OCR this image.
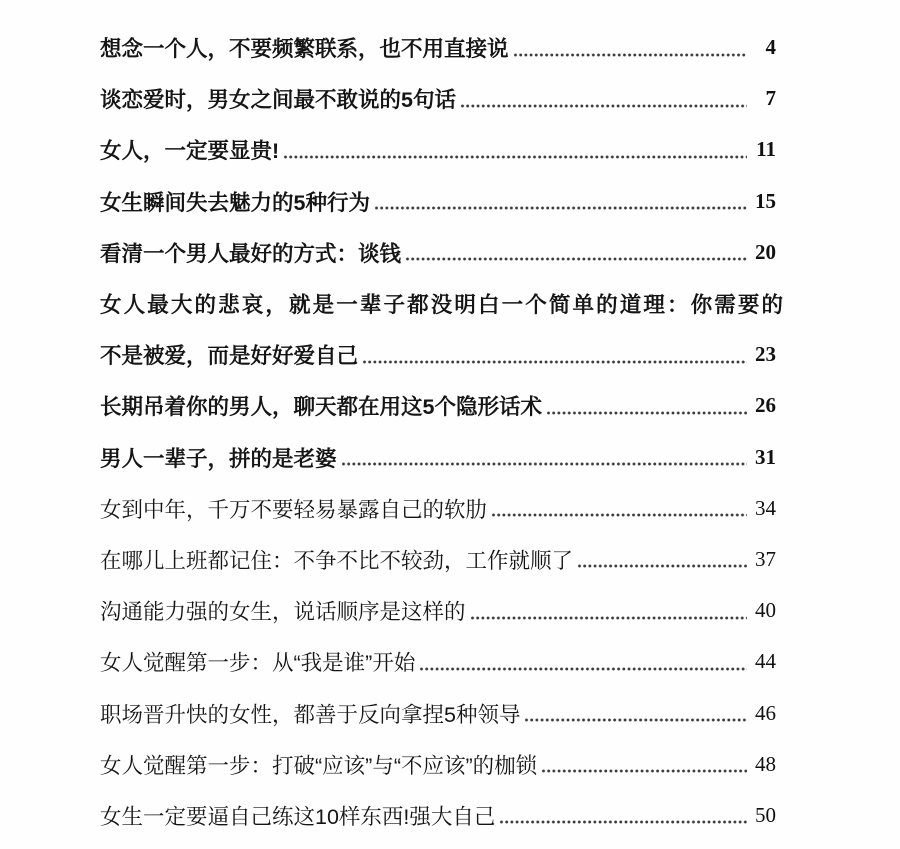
想念一个人，不要频繁联系，也不用直接说	4
谈恋爱时，男女之间最不敢说的5句话	7
女人，一定要显贵!	11
女生瞬间失去魅力的5种行为	15
看清一个男人最好的方式：谈钱	20
女人最大的悲哀，就是一辈子都没明白一个简单的道理：你需要的
不是被爱，而是好好爱自己	23
长期吊着你的男人，聊天都在用这5个隐形话术	26
男人一辈子，拼的是老婆	31
女到中年，千万不要轻易暴露自己的软肋	34
在哪儿上班都记住：不争不比不较劲，工作就顺了	37
沟通能力强的女生，说话顺序是这样的	40
女人觉醒第一步：从“我是谁”开始	44
职场晋升快的女性，都善于反向拿捏5种领导	46
女人觉醒第一步：打破“应该”与“不应该”的枷锁	48
女生一定要逼自己练这10样东西!强大自己	50
